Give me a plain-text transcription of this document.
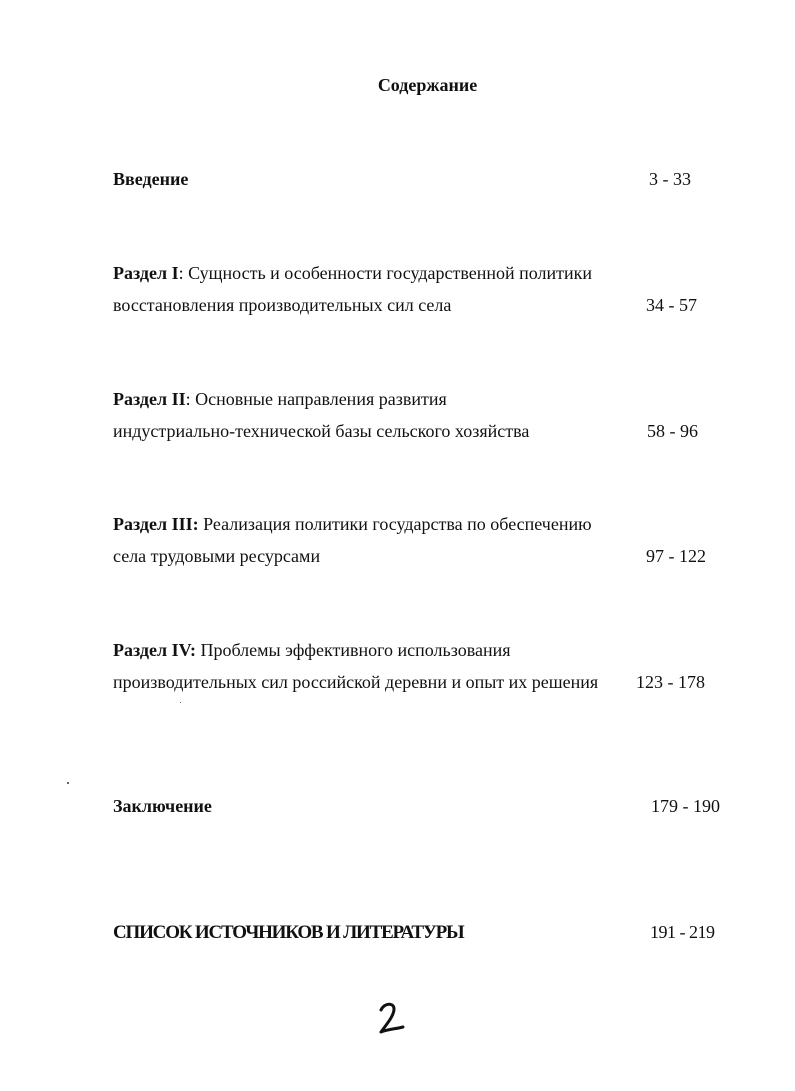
Содержание
Введение	3 - 33
Раздел I: Сущность и особенности государственной политики
восстановления производительных сил села	34 - 57
Раздел II: Основные направления развития
индустриально-технической базы сельского хозяйства	58 - 96
Раздел III: Реализация политики государства по обеспечению
села трудовыми ресурсами	97 - 122
Раздел IV: Проблемы эффективного использования
производительных сил российской деревни и опыт их решения 123 - 178
Заключение	179 - 190
СПИСОК ИСТОЧНИКОВ И ЛИТЕРАТУРЫ	191 - 219
